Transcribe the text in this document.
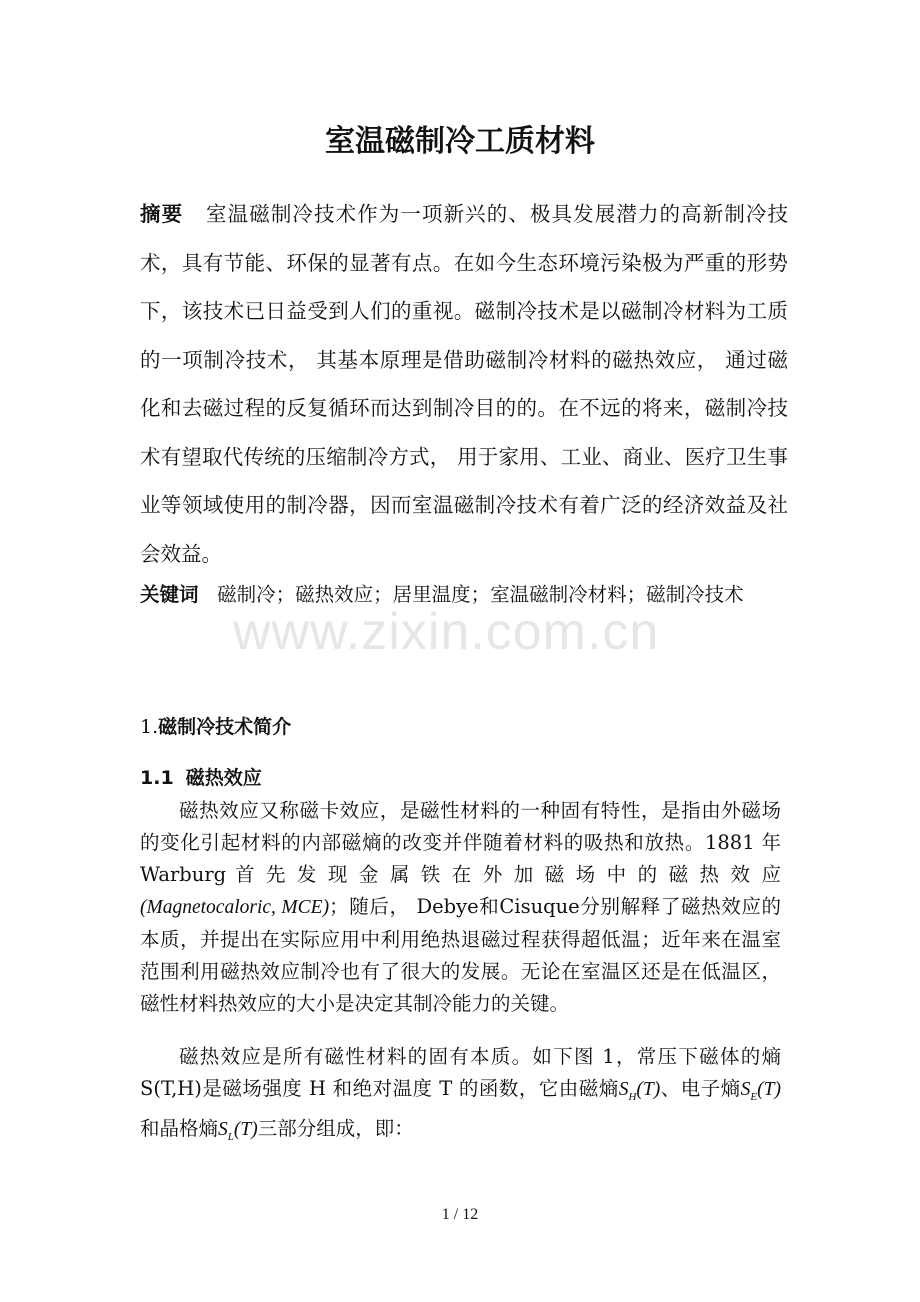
www.zixin.com.cn
室温磁制冷工质材料

摘要 室温磁制冷技术作为一项新兴的、极具发展潜力的高新制冷技术，具有节能、环保的显著有点。在如今生态环境污染极为严重的形势下，该技术已日益受到人们的重视。磁制冷技术是以磁制冷材料为工质的一项制冷技术， 其基本原理是借助磁制冷材料的磁热效应， 通过磁化和去磁过程的反复循环而达到制冷目的的。在不远的将来，磁制冷技术有望取代传统的压缩制冷方式， 用于家用、工业、商业、医疗卫生事业等领域使用的制冷器，因而室温磁制冷技术有着广泛的经济效益及社会效益。

关键词 磁制冷；磁热效应；居里温度；室温磁制冷材料；磁制冷技术

1.磁制冷技术简介

1.1 磁热效应

磁热效应又称磁卡效应，是磁性材料的一种固有特性，是指由外磁场的变化引起材料的内部磁熵的改变并伴随着材料的吸热和放热。1881 年 Warburg 首 先 发 现 金 属 铁 在 外 加 磁 场 中 的 磁 热 效 应 (Magnetocaloric, MCE)；随后， Debye和Cisuque分别解释了磁热效应的本质，并提出在实际应用中利用绝热退磁过程获得超低温；近年来在温室范围利用磁热效应制冷也有了很大的发展。无论在室温区还是在低温区，磁性材料热效应的大小是决定其制冷能力的关键。

磁热效应是所有磁性材料的固有本质。如下图 1，常压下磁体的熵 S(T,H)是磁场强度 H 和绝对温度 T 的函数，它由磁熵$S_H(T)$、电子熵$S_E(T)$和晶格熵$S_L(T)$三部分组成，即：

1 / 12
